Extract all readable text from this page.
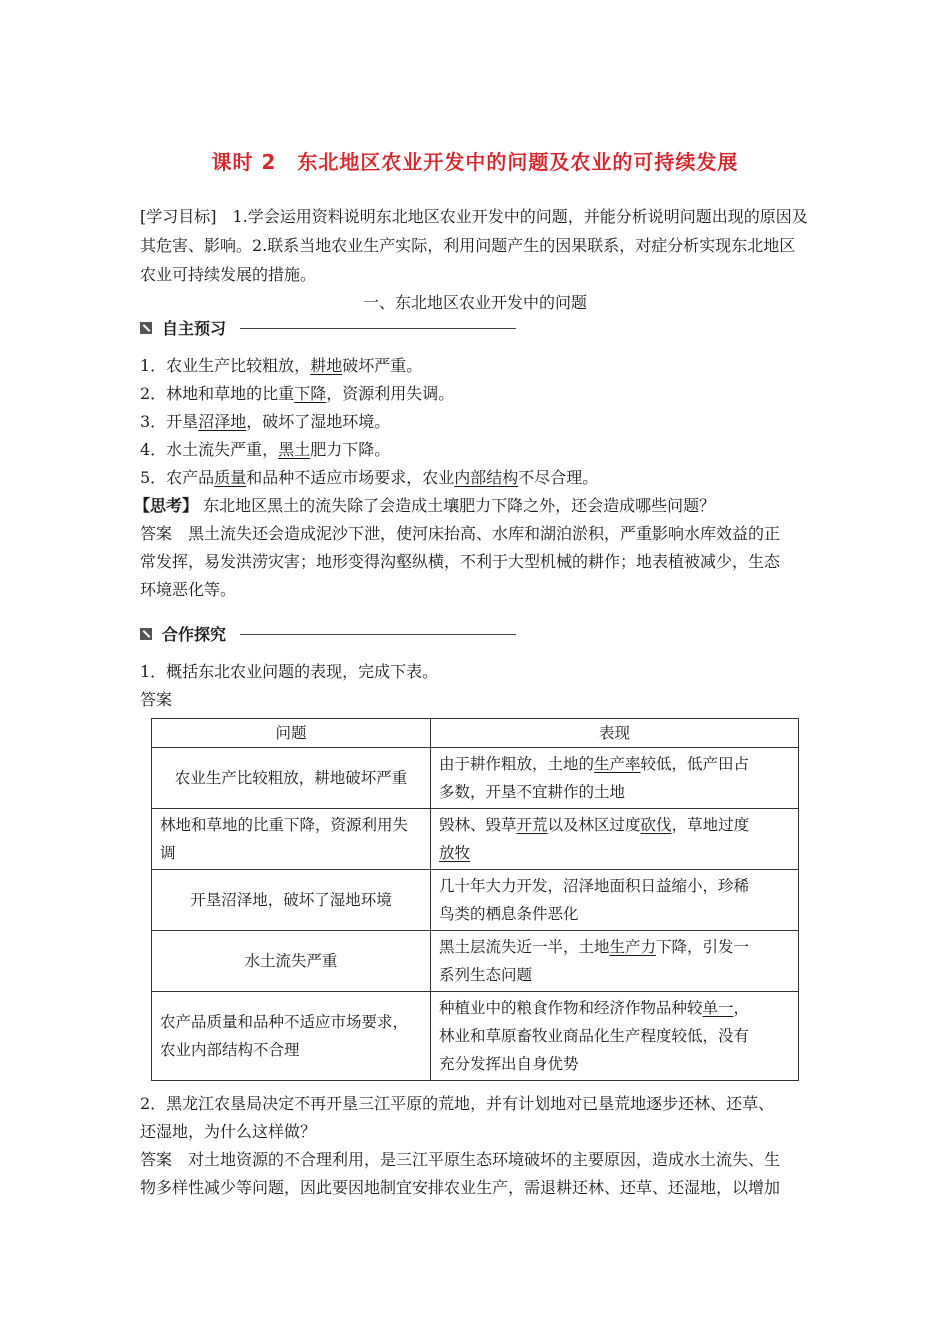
课时 2　东北地区农业开发中的问题及农业的可持续发展
[学习目标]　 1.学会运用资料说明东北地区农业开发中的问题，并能分析说明问题出现的原因及其危害、影响。2.联系当地农业生产实际，利用问题产生的因果联系，对症分析实现东北地区农业可持续发展的措施。
一、东北地区农业开发中的问题
自主预习
1．农业生产比较粗放，耕地破坏严重。
2．林地和草地的比重下降，资源利用失调。
3．开垦沼泽地，破坏了湿地环境。
4．水土流失严重，黑土肥力下降。
5．农产品质量和品种不适应市场要求，农业内部结构不尽合理。
【思考】 东北地区黑土的流失除了会造成土壤肥力下降之外，还会造成哪些问题？
答案　 黑土流失还会造成泥沙下泄，使河床抬高、水库和湖泊淤积，严重影响水库效益的正
常发挥，易发洪涝灾害；地形变得沟壑纵横，不利于大型机械的耕作；地表植被减少，生态
环境恶化等。
合作探究
1．概括东北农业问题的表现，完成下表。
答案
问题	表现
农业生产比较粗放，耕地破坏严重	由于耕作粗放，土地的生产率较低，低产田占
多数，开垦不宜耕作的土地
林地和草地的比重下降，资源利用失调	毁林、毁草开荒以及林区过度砍伐，草地过度
放牧
开垦沼泽地，破坏了湿地环境	几十年大力开发，沼泽地面积日益缩小，珍稀
鸟类的栖息条件恶化
水土流失严重	黑土层流失近一半，土地生产力下降，引发一
系列生态问题
农产品质量和品种不适应市场要求，农业内部结构不合理	种植业中的粮食作物和经济作物品种较单一，
林业和草原畜牧业商品化生产程度较低，没有
充分发挥出自身优势
2．黑龙江农垦局决定不再开垦三江平原的荒地，并有计划地对已垦荒地逐步还林、还草、
还湿地，为什么这样做？
答案　 对土地资源的不合理利用，是三江平原生态环境破坏的主要原因，造成水土流失、生
物多样性减少等问题，因此要因地制宜安排农业生产，需退耕还林、还草、还湿地，以增加
